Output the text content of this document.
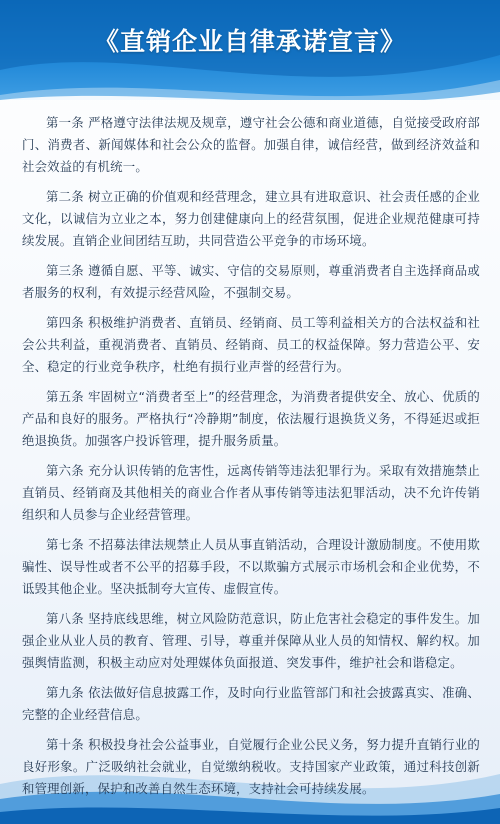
《直销企业自律承诺宣言》

第一条 严格遵守法律法规及规章，遵守社会公德和商业道德，自觉接受政府部门、消费者、新闻媒体和社会公众的监督。加强自律，诚信经营，做到经济效益和社会效益的有机统一。

第二条 树立正确的价值观和经营理念，建立具有进取意识、社会责任感的企业文化，以诚信为立业之本，努力创建健康向上的经营氛围，促进企业规范健康可持续发展。直销企业间团结互助，共同营造公平竞争的市场环境。

第三条 遵循自愿、平等、诚实、守信的交易原则，尊重消费者自主选择商品或者服务的权利，有效提示经营风险，不强制交易。

第四条 积极维护消费者、直销员、经销商、员工等利益相关方的合法权益和社会公共利益，重视消费者、直销员、经销商、员工的权益保障。努力营造公平、安全、稳定的行业竞争秩序，杜绝有损行业声誉的经营行为。

第五条 牢固树立“消费者至上”的经营理念，为消费者提供安全、放心、优质的产品和良好的服务。严格执行“冷静期”制度，依法履行退换货义务，不得延迟或拒绝退换货。加强客户投诉管理，提升服务质量。

第六条 充分认识传销的危害性，远离传销等违法犯罪行为。采取有效措施禁止直销员、经销商及其他相关的商业合作者从事传销等违法犯罪活动，决不允许传销组织和人员参与企业经营管理。

第七条 不招募法律法规禁止人员从事直销活动，合理设计激励制度。不使用欺骗性、误导性或者不公平的招募手段，不以欺骗方式展示市场机会和企业优势，不诋毁其他企业。坚决抵制夸大宣传、虚假宣传。

第八条 坚持底线思维，树立风险防范意识，防止危害社会稳定的事件发生。加强企业从业人员的教育、管理、引导，尊重并保障从业人员的知情权、解约权。加强舆情监测，积极主动应对处理媒体负面报道、突发事件，维护社会和谐稳定。

第九条 依法做好信息披露工作，及时向行业监管部门和社会披露真实、准确、完整的企业经营信息。

第十条 积极投身社会公益事业，自觉履行企业公民义务，努力提升直销行业的良好形象。广泛吸纳社会就业，自觉缴纳税收。支持国家产业政策，通过科技创新和管理创新，保护和改善自然生态环境，支持社会可持续发展。
